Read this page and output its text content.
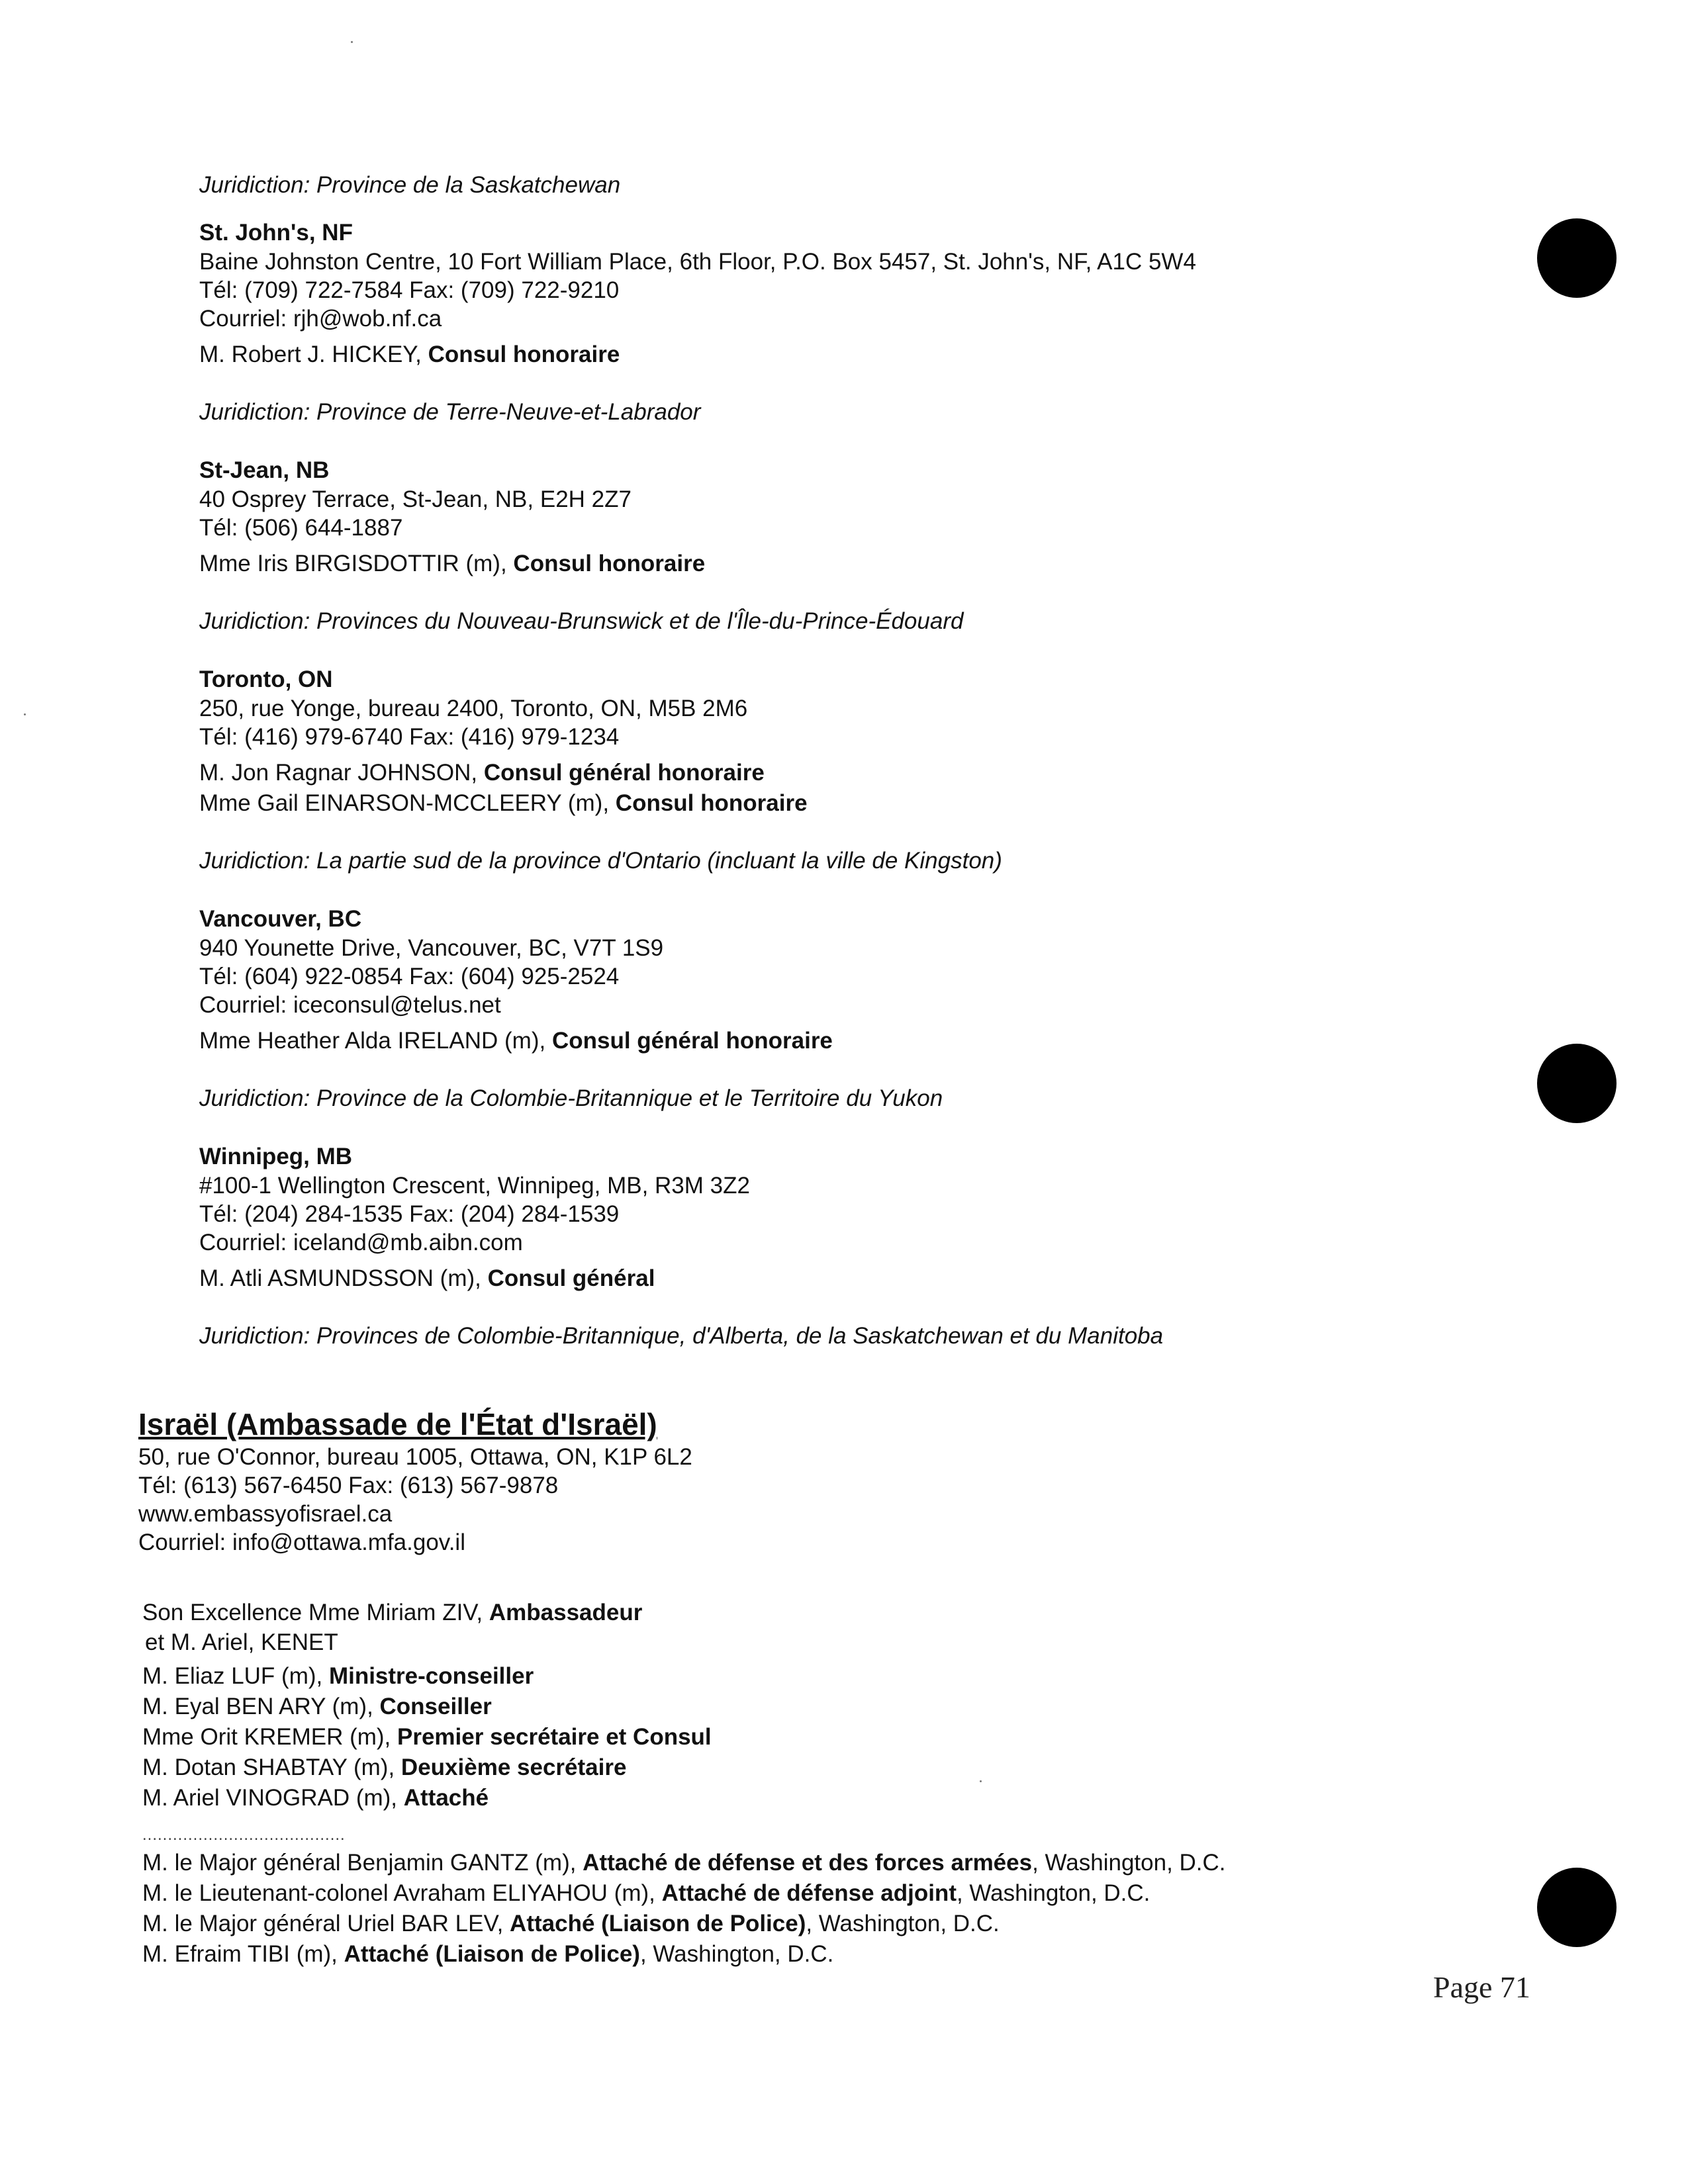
Juridiction: Province de la Saskatchewan

St. John's, NF

Baine Johnston Centre, 10 Fort William Place, 6th Floor, P.O. Box 5457, St. John's, NF, A1C 5W4

Tél: (709) 722-7584 Fax: (709) 722-9210

Courriel: rjh@wob.nf.ca

M. Robert J. HICKEY, Consul honoraire

Juridiction: Province de Terre-Neuve-et-Labrador

St-Jean, NB

40 Osprey Terrace, St-Jean, NB, E2H 2Z7

Tél: (506) 644-1887

Mme Iris BIRGISDOTTIR (m), Consul honoraire

Juridiction: Provinces du Nouveau-Brunswick et de l'Île-du-Prince-Édouard

Toronto, ON

250, rue Yonge, bureau 2400, Toronto, ON, M5B 2M6

Tél: (416) 979-6740 Fax: (416) 979-1234

M. Jon Ragnar JOHNSON, Consul général honoraire

Mme Gail EINARSON-MCCLEERY (m), Consul honoraire

Juridiction: La partie sud de la province d'Ontario (incluant la ville de Kingston)

Vancouver, BC

940 Younette Drive, Vancouver, BC, V7T 1S9

Tél: (604) 922-0854 Fax: (604) 925-2524

Courriel: iceconsul@telus.net

Mme Heather Alda IRELAND (m), Consul général honoraire

Juridiction: Province de la Colombie-Britannique et le Territoire du Yukon

Winnipeg, MB

#100-1 Wellington Crescent, Winnipeg, MB, R3M 3Z2

Tél: (204) 284-1535 Fax: (204) 284-1539

Courriel: iceland@mb.aibn.com

M. Atli ASMUNDSSON (m), Consul général

Juridiction: Provinces de Colombie-Britannique, d'Alberta, de la Saskatchewan et du Manitoba

Israël (Ambassade de l'État d'Israël)

50, rue O'Connor, bureau 1005, Ottawa, ON, K1P 6L2

Tél: (613) 567-6450 Fax: (613) 567-9878

www.embassyofisrael.ca

Courriel: info@ottawa.mfa.gov.il

Son Excellence Mme Miriam ZIV, Ambassadeur

et M. Ariel, KENET

M. Eliaz LUF (m), Ministre-conseiller

M. Eyal BEN ARY (m), Conseiller

Mme Orit KREMER (m), Premier secrétaire et Consul

M. Dotan SHABTAY (m), Deuxième secrétaire

M. Ariel VINOGRAD (m), Attaché

........................................

M. le Major général Benjamin GANTZ (m), Attaché de défense et des forces armées, Washington, D.C.

M. le Lieutenant-colonel Avraham ELIYAHOU (m), Attaché de défense adjoint, Washington, D.C.

M. le Major général Uriel BAR LEV, Attaché (Liaison de Police), Washington, D.C.

M. Efraim TIBI (m), Attaché (Liaison de Police), Washington, D.C.

Page 71
